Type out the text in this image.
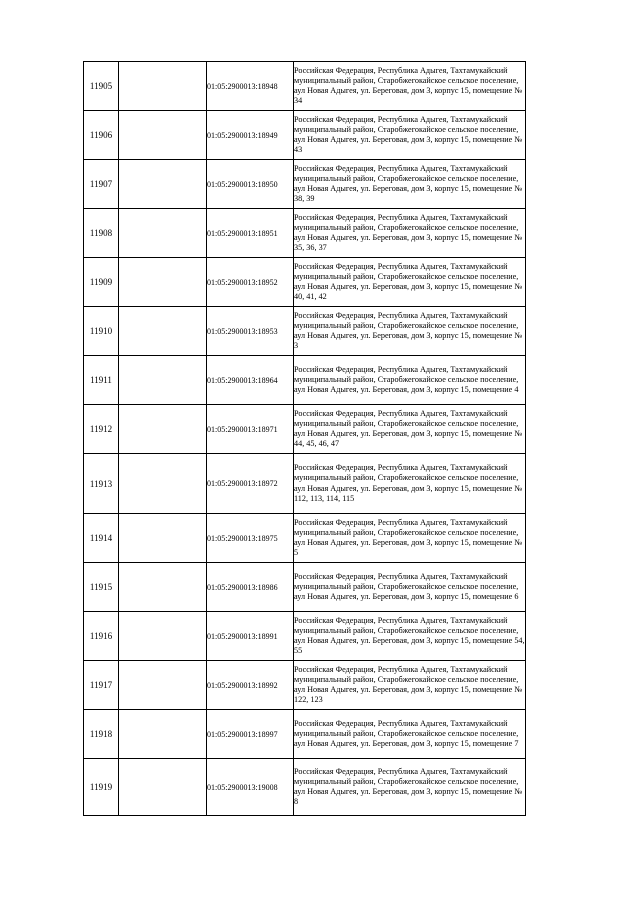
11905		01:05:2900013:18948	Российская Федерация, Республика Адыгея, Тахтамукайский муниципальный район, Старобжегокайское сельское поселение, аул Новая Адыгея, ул. Береговая, дом 3, корпус 15, помещение № 34
11906		01:05:2900013:18949	Российская Федерация, Республика Адыгея, Тахтамукайский муниципальный район, Старобжегокайское сельское поселение, аул Новая Адыгея, ул. Береговая, дом 3, корпус 15, помещение № 43
11907		01:05:2900013:18950	Российская Федерация, Республика Адыгея, Тахтамукайский муниципальный район, Старобжегокайское сельское поселение, аул Новая Адыгея, ул. Береговая, дом 3, корпус 15, помещение № 38, 39
11908		01:05:2900013:18951	Российская Федерация, Республика Адыгея, Тахтамукайский муниципальный район, Старобжегокайское сельское поселение, аул Новая Адыгея, ул. Береговая, дом 3, корпус 15, помещение № 35, 36, 37
11909		01:05:2900013:18952	Российская Федерация, Республика Адыгея, Тахтамукайский муниципальный район, Старобжегокайское сельское поселение, аул Новая Адыгея, ул. Береговая, дом 3, корпус 15, помещение № 40, 41, 42
11910		01:05:2900013:18953	Российская Федерация, Республика Адыгея, Тахтамукайский муниципальный район, Старобжегокайское сельское поселение, аул Новая Адыгея, ул. Береговая, дом 3, корпус 15, помещение № 3
11911		01:05:2900013:18964	Российская Федерация, Республика Адыгея, Тахтамукайский муниципальный район, Старобжегокайское сельское поселение, аул Новая Адыгея, ул. Береговая, дом 3, корпус 15, помещение 4
11912		01:05:2900013:18971	Российская Федерация, Республика Адыгея, Тахтамукайский муниципальный район, Старобжегокайское сельское поселение, аул Новая Адыгея, ул. Береговая, дом 3, корпус 15, помещение № 44, 45, 46, 47
11913		01:05:2900013:18972	Российская Федерация, Республика Адыгея, Тахтамукайский муниципальный район, Старобжегокайское сельское поселение, аул Новая Адыгея, ул. Береговая, дом 3, корпус 15, помещение № 112, 113, 114, 115
11914		01:05:2900013:18975	Российская Федерация, Республика Адыгея, Тахтамукайский муниципальный район, Старобжегокайское сельское поселение, аул Новая Адыгея, ул. Береговая, дом 3, корпус 15, помещение № 5
11915		01:05:2900013:18986	Российская Федерация, Республика Адыгея, Тахтамукайский муниципальный район, Старобжегокайское сельское поселение, аул Новая Адыгея, ул. Береговая, дом 3, корпус 15, помещение 6
11916		01:05:2900013:18991	Российская Федерация, Республика Адыгея, Тахтамукайский муниципальный район, Старобжегокайское сельское поселение, аул Новая Адыгея, ул. Береговая, дом 3, корпус 15, помещение 54, 55
11917		01:05:2900013:18992	Российская Федерация, Республика Адыгея, Тахтамукайский муниципальный район, Старобжегокайское сельское поселение, аул Новая Адыгея, ул. Береговая, дом 3, корпус 15, помещение № 122, 123
11918		01:05:2900013:18997	Российская Федерация, Республика Адыгея, Тахтамукайский муниципальный район, Старобжегокайское сельское поселение, аул Новая Адыгея, ул. Береговая, дом 3, корпус 15, помещение 7
11919		01:05:2900013:19008	Российская Федерация, Республика Адыгея, Тахтамукайский муниципальный район, Старобжегокайское сельское поселение, аул Новая Адыгея, ул. Береговая, дом 3, корпус 15, помещение № 8
